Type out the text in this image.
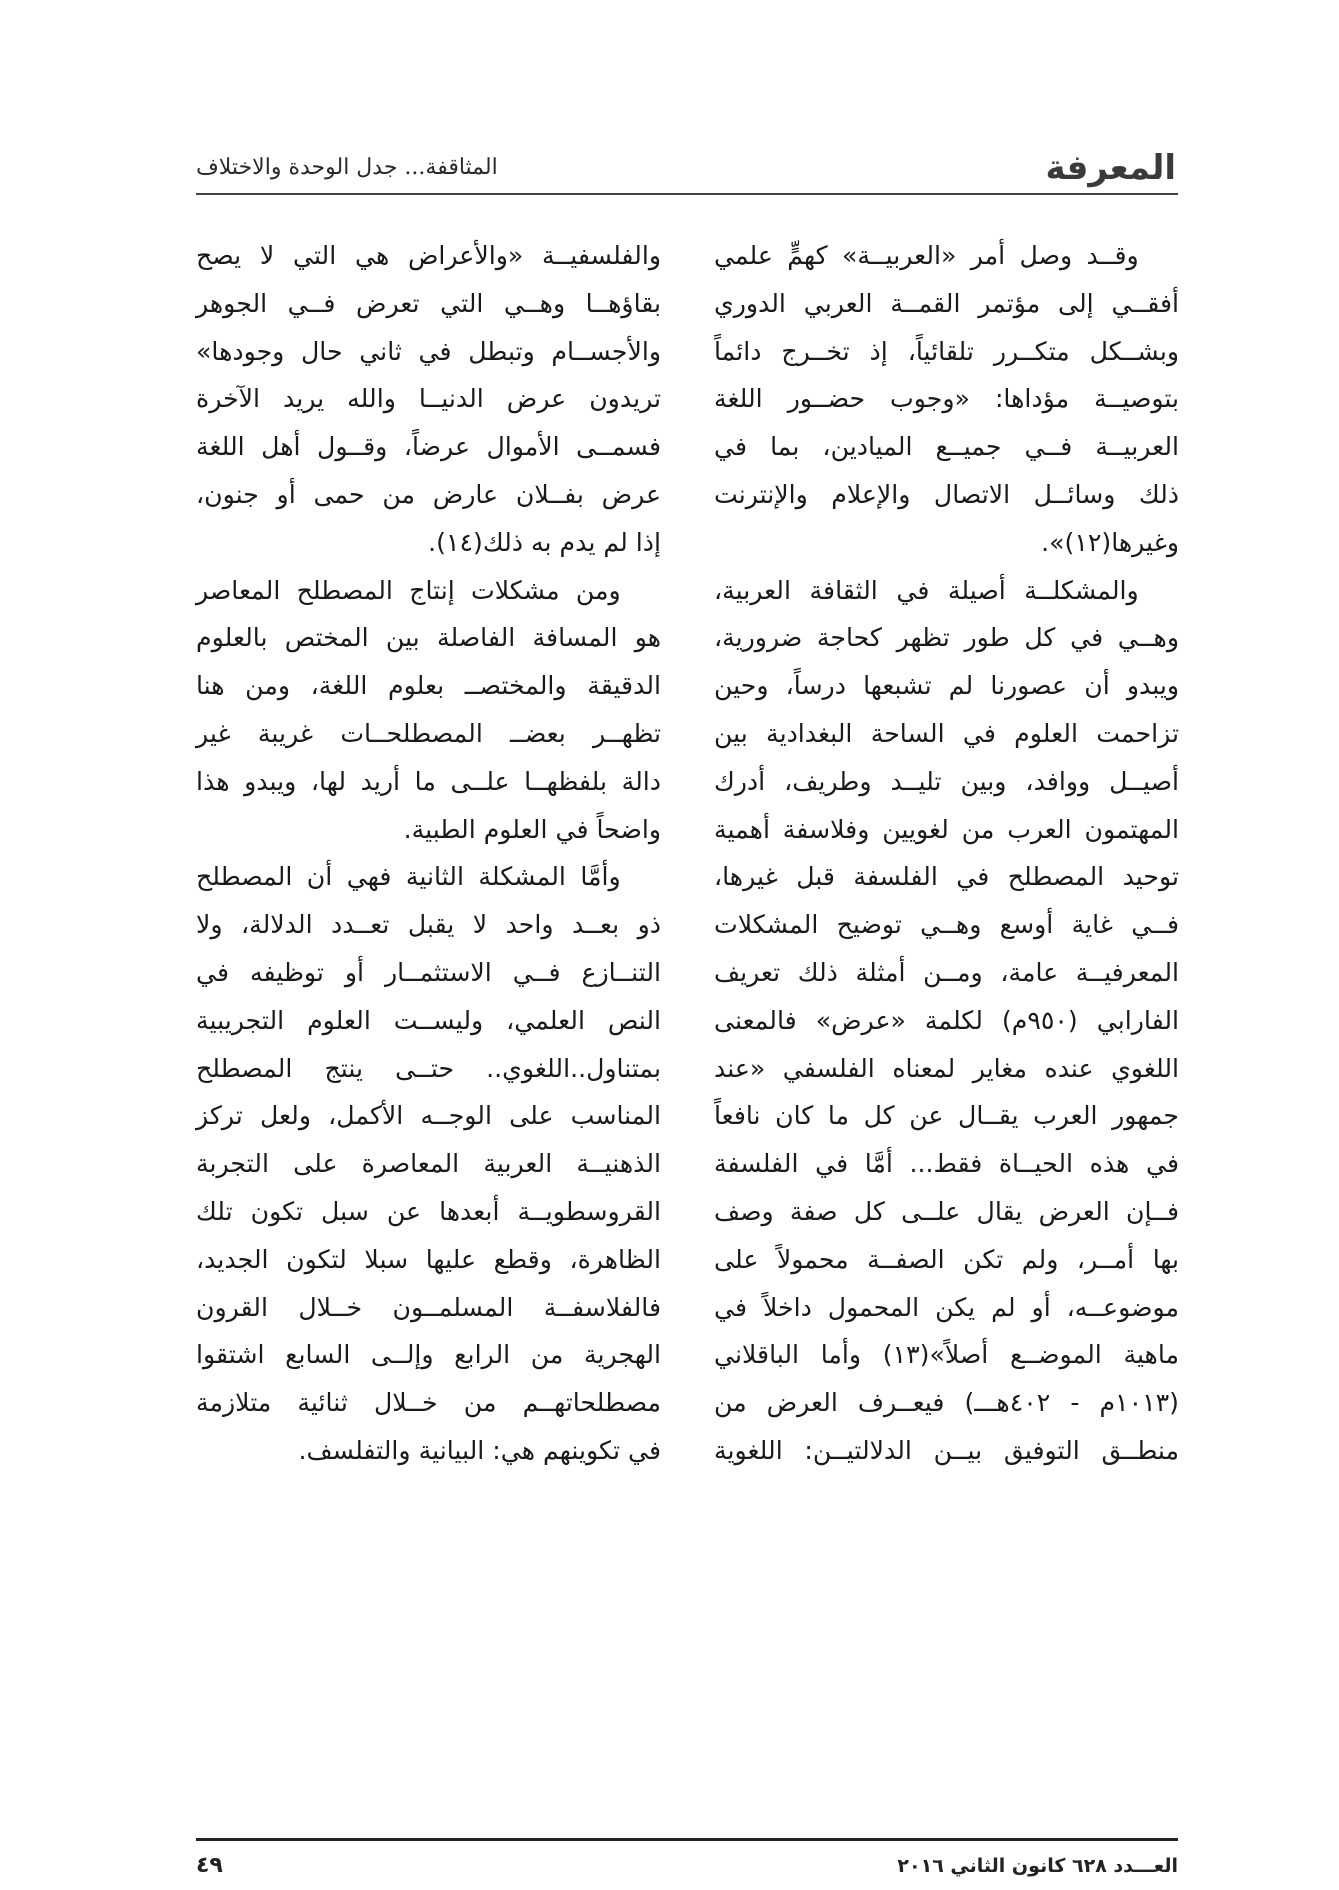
المعرفة
المثاقفة... جدل الوحدة والاختلاف

وقــد وصل أمر «العربيــة» كهمٍّ علمي

أفقــي إلى مؤتمر القمــة العربي الدوري

وبشــكل متكــرر تلقائياً، إذ تخــرج دائماً

بتوصيــة مؤداها: «وجوب حضــور اللغة

العربيــة فــي جميــع الميادين، بما في

ذلك وسائــل الاتصال والإعلام والإنترنت

وغيرها(١٢)».

والمشكلــة أصيلة في الثقافة العربية،

وهــي في كل طور تظهر كحاجة ضرورية،

ويبدو أن عصورنا لم تشبعها درساً، وحين

تزاحمت العلوم في الساحة البغدادية بين

أصيــل ووافد، وبين تليــد وطريف، أدرك

المهتمون العرب من لغويين وفلاسفة أهمية

توحيد المصطلح في الفلسفة قبل غيرها،

فــي غاية أوسع وهــي توضيح المشكلات

المعرفيــة عامة، ومــن أمثلة ذلك تعريف

الفارابي (٩٥٠م) لكلمة «عرض» فالمعنى

اللغوي عنده مغاير لمعناه الفلسفي «عند

جمهور العرب يقــال عن كل ما كان نافعاً

في هذه الحيــاة فقط... أمَّا في الفلسفة

فــإن العرض يقال علــى كل صفة وصف

بها أمــر، ولم تكن الصفــة محمولاً على

موضوعــه، أو لم يكن المحمول داخلاً في

ماهية الموضــع أصلاً»(١٣) وأما الباقلاني

(١٠١٣م - ٤٠٢هـــ) فيعــرف العرض من

منطــق التوفيق بيــن الدلالتيــن: اللغوية

والفلسفيــة «والأعراض هي التي لا يصح

بقاؤهــا وهــي التي تعرض فــي الجوهر

والأجســام وتبطل في ثاني حال وجودها»

تريدون عرض الدنيــا والله يريد الآخرة

فسمــى الأموال عرضاً، وقــول أهل اللغة

عرض بفــلان عارض من حمى أو جنون،

إذا لم يدم به ذلك(١٤).

ومن مشكلات إنتاج المصطلح المعاصر

هو المسافة الفاصلة بين المختص بالعلوم

الدقيقة والمختصــ بعلوم اللغة، ومن هنا

تظهــر بعضــ المصطلحــات غريبة غير

دالة بلفظهــا علــى ما أريد لها، ويبدو هذا

واضحاً في العلوم الطبية.

وأمَّا المشكلة الثانية فهي أن المصطلح

ذو بعــد واحد لا يقبل تعــدد الدلالة، ولا

التنــازع فــي الاستثمــار أو توظيفه في

النص العلمي، وليســت العلوم التجريبية

بمتناول..اللغوي.. حتــى ينتج المصطلح

المناسب على الوجــه الأكمل، ولعل تركز

الذهنيــة العربية المعاصرة على التجربة

القروسطويــة أبعدها عن سبل تكون تلك

الظاهرة، وقطع عليها سبلا لتكون الجديد،

فالفلاسفــة المسلمــون خــلال القرون

الهجرية من الرابع وإلــى السابع اشتقوا

مصطلحاتهــم من خــلال ثنائية متلازمة

في تكوينهم هي: البيانية والتفلسف.

٤٩	العـــدد ٦٢٨ كانون الثاني ٢٠١٦
